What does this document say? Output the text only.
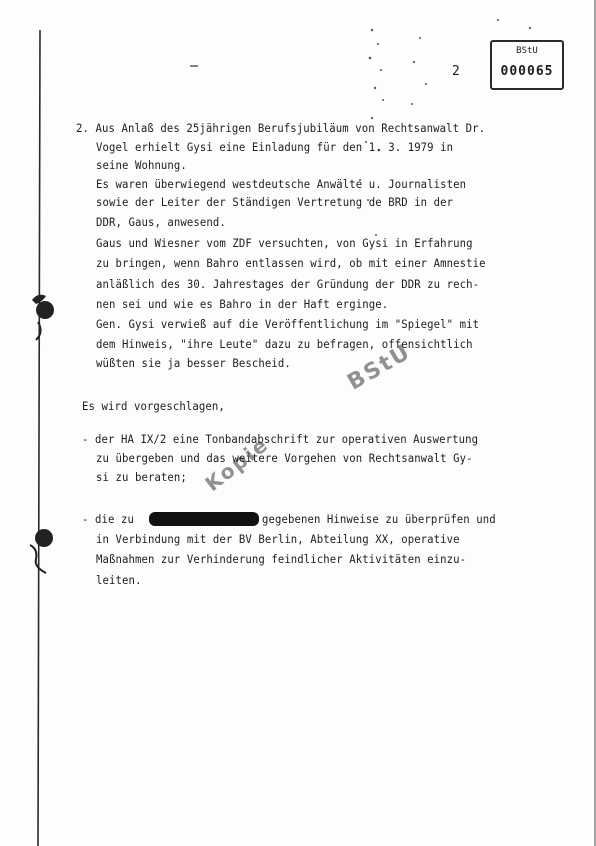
BStU
000065
2
BStU
Kopie
2. Aus Anlaß des 25jährigen Berufsjubiläum von Rechtsanwalt Dr.
Vogel erhielt Gysi eine Einladung für den 1. 3. 1979 in
seine Wohnung.
Es waren überwiegend westdeutsche Anwälte u. Journalisten
sowie der Leiter der Ständigen Vertretung de BRD in der
DDR, Gaus, anwesend.
Gaus und Wiesner vom ZDF versuchten, von Gysi in Erfahrung
zu bringen, wenn Bahro entlassen wird, ob mit einer Amnestie
anläßlich des 30. Jahrestages der Gründung der DDR zu rech-
nen sei und wie es Bahro in der Haft erginge.
Gen. Gysi verwieß auf die Veröffentlichung im "Spiegel" mit
dem Hinweis, "ihre Leute" dazu zu befragen, offensichtlich
wüßten sie ja besser Bescheid.
Es wird vorgeschlagen,
- der HA IX/2 eine Tonbandabschrift zur operativen Auswertung
zu übergeben und das weitere Vorgehen von Rechtsanwalt Gy-
si zu beraten;
- die zu	gegebenen Hinweise zu überprüfen und
in Verbindung mit der BV Berlin, Abteilung XX, operative
Maßnahmen zur Verhinderung feindlicher Aktivitäten einzu-
leiten.
